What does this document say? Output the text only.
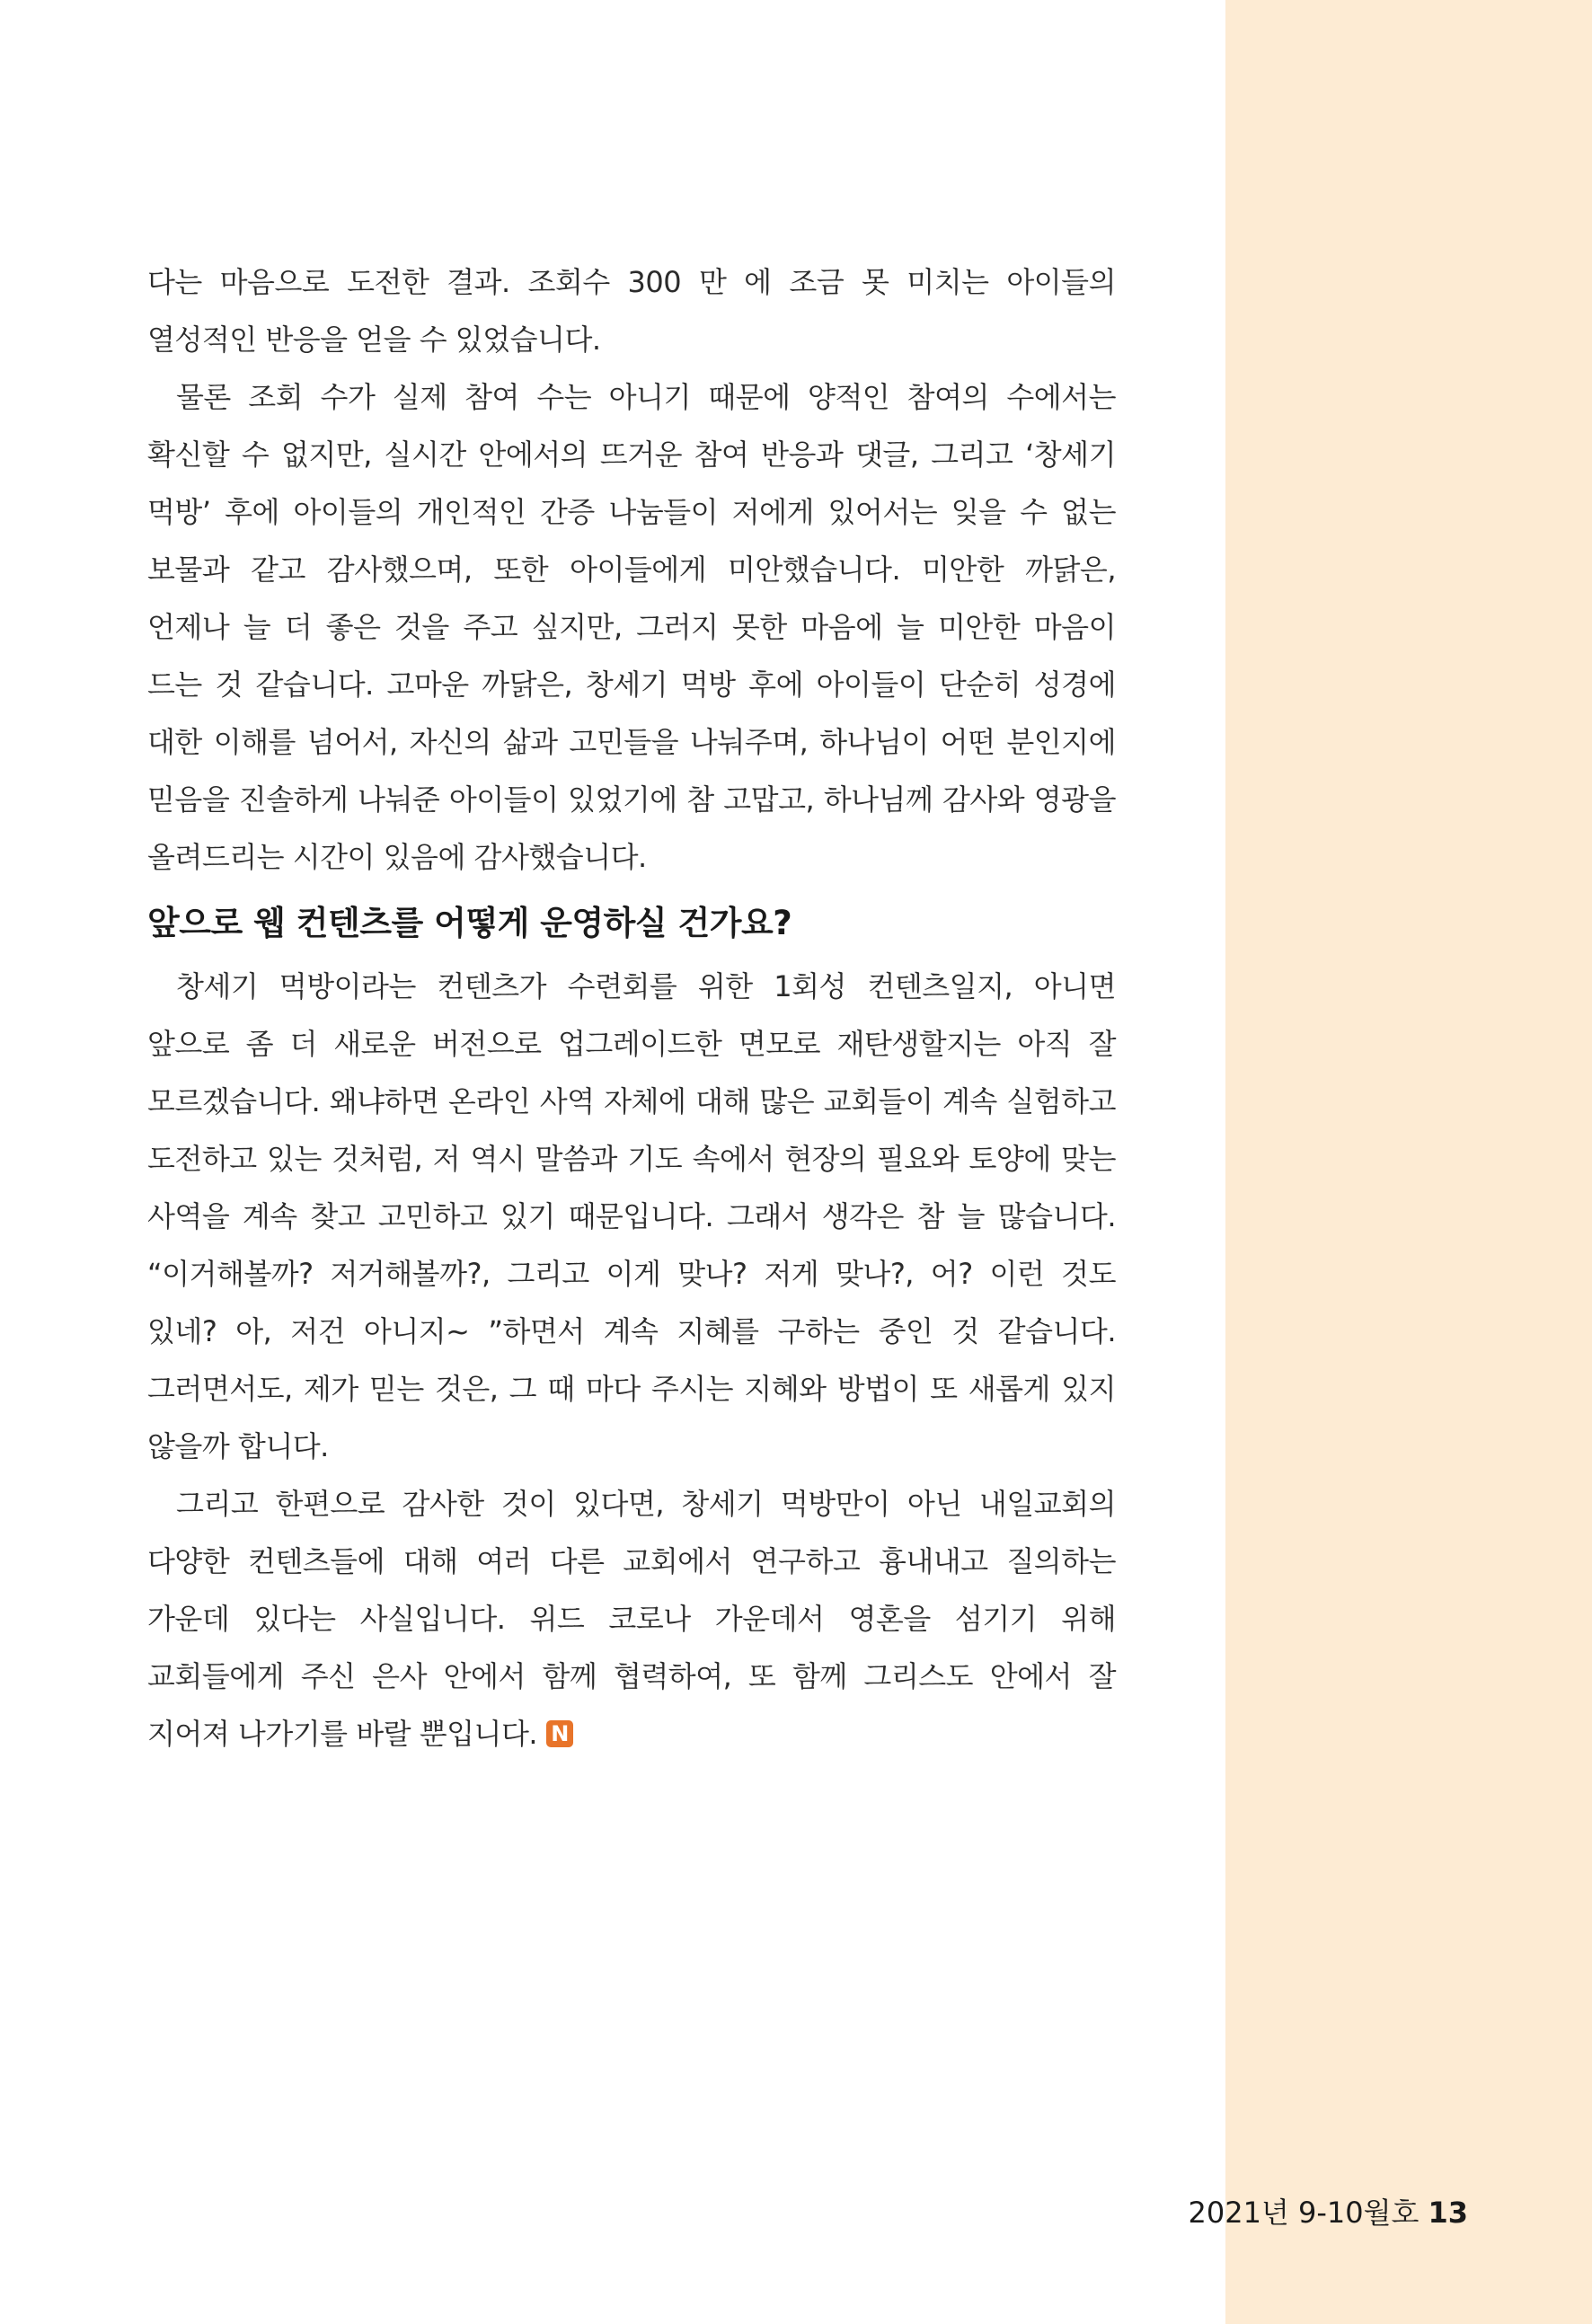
다는 마음으로 도전한 결과. 조회수 300 만 에 조금 못 미치는 아이들의 열성적인 반응을 얻을 수 있었습니다.

물론 조회 수가 실제 참여 수는 아니기 때문에 양적인 참여의 수에서는 확신할 수 없지만, 실시간 안에서의 뜨거운 참여 반응과 댓글, 그리고 ‘창세기 먹방’ 후에 아이들의 개인적인 간증 나눔들이 저에게 있어서는 잊을 수 없는 보물과 같고 감사했으며, 또한 아이들에게 미안했습니다. 미안한 까닭은, 언제나 늘 더 좋은 것을 주고 싶지만, 그러지 못한 마음에 늘 미안한 마음이 드는 것 같습니다. 고마운 까닭은, 창세기 먹방 후에 아이들이 단순히 성경에 대한 이해를 넘어서, 자신의 삶과 고민들을 나눠주며, 하나님이 어떤 분인지에 믿음을 진솔하게 나눠준 아이들이 있었기에 참 고맙고, 하나님께 감사와 영광을 올려드리는 시간이 있음에 감사했습니다.

앞으로 웹 컨텐츠를 어떻게 운영하실 건가요?

창세기 먹방이라는 컨텐츠가 수련회를 위한 1회성 컨텐츠일지, 아니면 앞으로 좀 더 새로운 버전으로 업그레이드한 면모로 재탄생할지는 아직 잘 모르겠습니다. 왜냐하면 온라인 사역 자체에 대해 많은 교회들이 계속 실험하고 도전하고 있는 것처럼, 저 역시 말씀과 기도 속에서 현장의 필요와 토양에 맞는 사역을 계속 찾고 고민하고 있기 때문입니다. 그래서 생각은 참 늘 많습니다. “이거해볼까? 저거해볼까?, 그리고 이게 맞나? 저게 맞나?, 어? 이런 것도 있네? 아, 저건 아니지~ ”하면서 계속 지혜를 구하는 중인 것 같습니다. 그러면서도, 제가 믿는 것은, 그 때 마다 주시는 지혜와 방법이 또 새롭게 있지 않을까 합니다.

그리고 한편으로 감사한 것이 있다면, 창세기 먹방만이 아닌 내일교회의 다양한 컨텐츠들에 대해 여러 다른 교회에서 연구하고 흉내내고 질의하는 가운데 있다는 사실입니다. 위드 코로나 가운데서 영혼을 섬기기 위해 교회들에게 주신 은사 안에서 함께 협력하여, 또 함께 그리스도 안에서 잘 지어져 나가기를 바랄 뿐입니다. N

2021년 9-10월호 13
